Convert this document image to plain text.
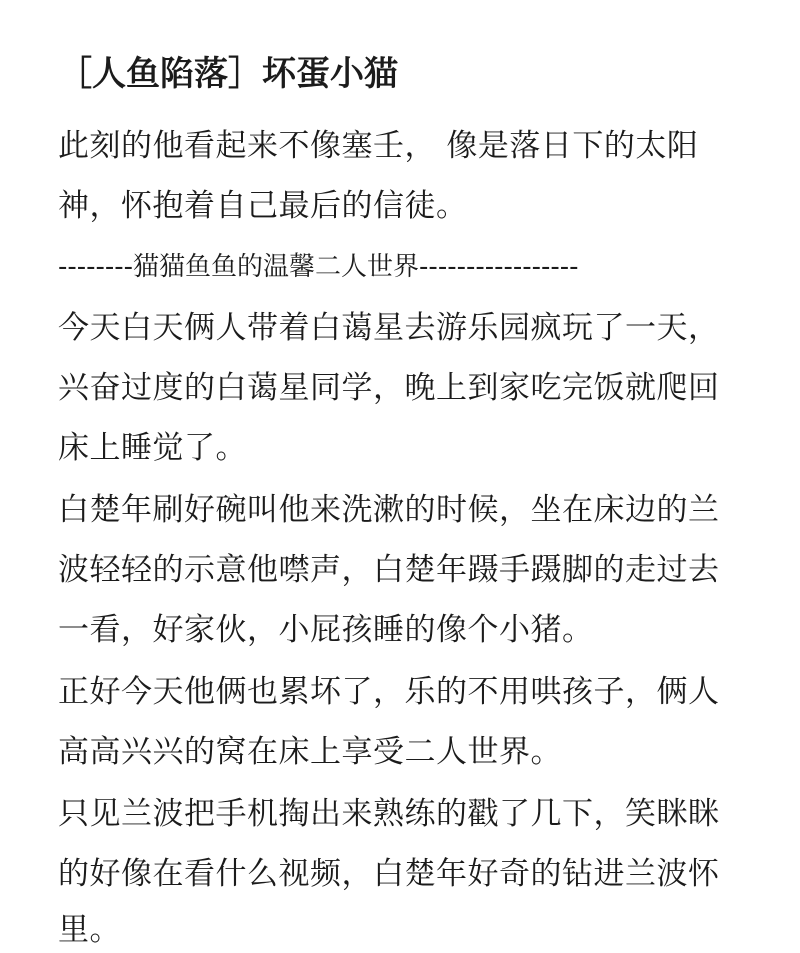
［人鱼陷落］坏蛋小猫
此刻的他看起来不像塞壬， 像是落日下的太阳
神，怀抱着自己最后的信徒。
--------猫猫鱼鱼的温馨二人世界-----------------
今天白天俩人带着白蔼星去游乐园疯玩了一天，
兴奋过度的白蔼星同学，晚上到家吃完饭就爬回
床上睡觉了。
白楚年刷好碗叫他来洗漱的时候，坐在床边的兰
波轻轻的示意他噤声，白楚年蹑手蹑脚的走过去
一看，好家伙，小屁孩睡的像个小猪。
正好今天他俩也累坏了，乐的不用哄孩子，俩人
高高兴兴的窝在床上享受二人世界。
只见兰波把手机掏出来熟练的戳了几下，笑眯眯
的好像在看什么视频，白楚年好奇的钻进兰波怀
里。
